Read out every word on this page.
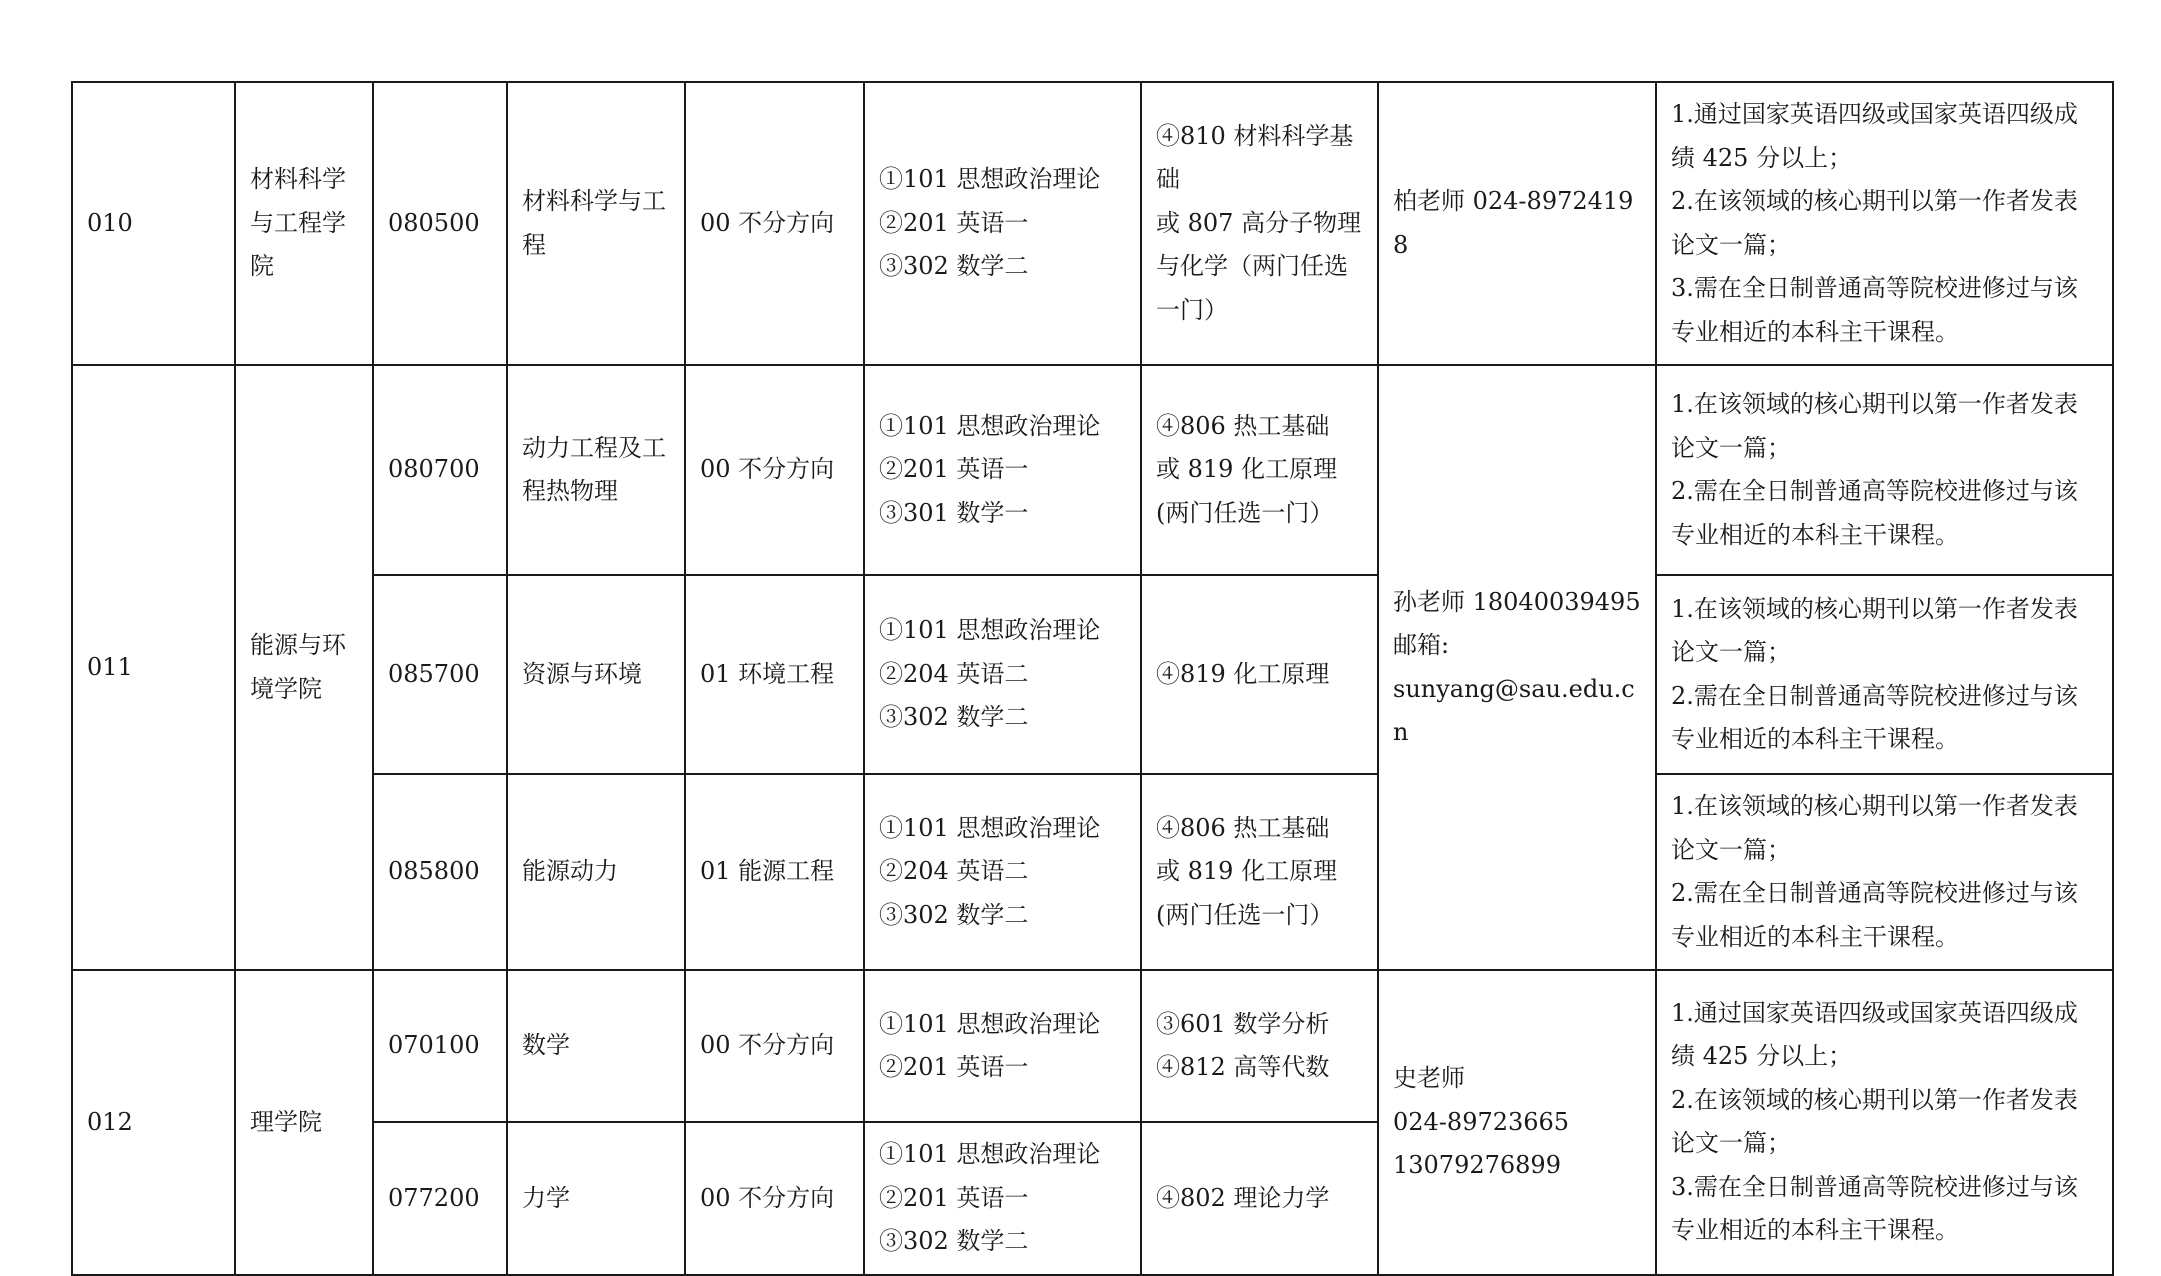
010	材料科学与工程学院	080500	材料科学与工程	00 不分方向	①101 思想政治理论
②201 英语一
③302 数学二	④810 材料科学基础
或 807 高分子物理与化学（两门任选一门）	柏老师 024-89724198	1.通过国家英语四级或国家英语四级成绩 425 分以上；
2.在该领域的核心期刊以第一作者发表论文一篇；
3.需在全日制普通高等院校进修过与该专业相近的本科主干课程。

011	能源与环境学院	080700	动力工程及工程热物理	00 不分方向	①101 思想政治理论
②201 英语一
③301 数学一	④806 热工基础
或 819 化工原理(两门任选一门）	孙老师 18040039495
邮箱:
sunyang@sau.edu.cn	1.在该领域的核心期刊以第一作者发表论文一篇；
2.需在全日制普通高等院校进修过与该专业相近的本科主干课程。

		085700	资源与环境	01 环境工程	①101 思想政治理论
②204 英语二
③302 数学二	④819 化工原理		1.在该领域的核心期刊以第一作者发表论文一篇；
2.需在全日制普通高等院校进修过与该专业相近的本科主干课程。

		085800	能源动力	01 能源工程	①101 思想政治理论
②204 英语二
③302 数学二	④806 热工基础
或 819 化工原理(两门任选一门）		1.在该领域的核心期刊以第一作者发表论文一篇；
2.需在全日制普通高等院校进修过与该专业相近的本科主干课程。

012	理学院	070100	数学	00 不分方向	①101 思想政治理论
②201 英语一	③601 数学分析
④812 高等代数	史老师
024-89723665
13079276899	1.通过国家英语四级或国家英语四级成绩 425 分以上；
2.在该领域的核心期刊以第一作者发表论文一篇；
3.需在全日制普通高等院校进修过与该专业相近的本科主干课程。

		077200	力学	00 不分方向	①101 思想政治理论
②201 英语一
③302 数学二	④802 理论力学		
